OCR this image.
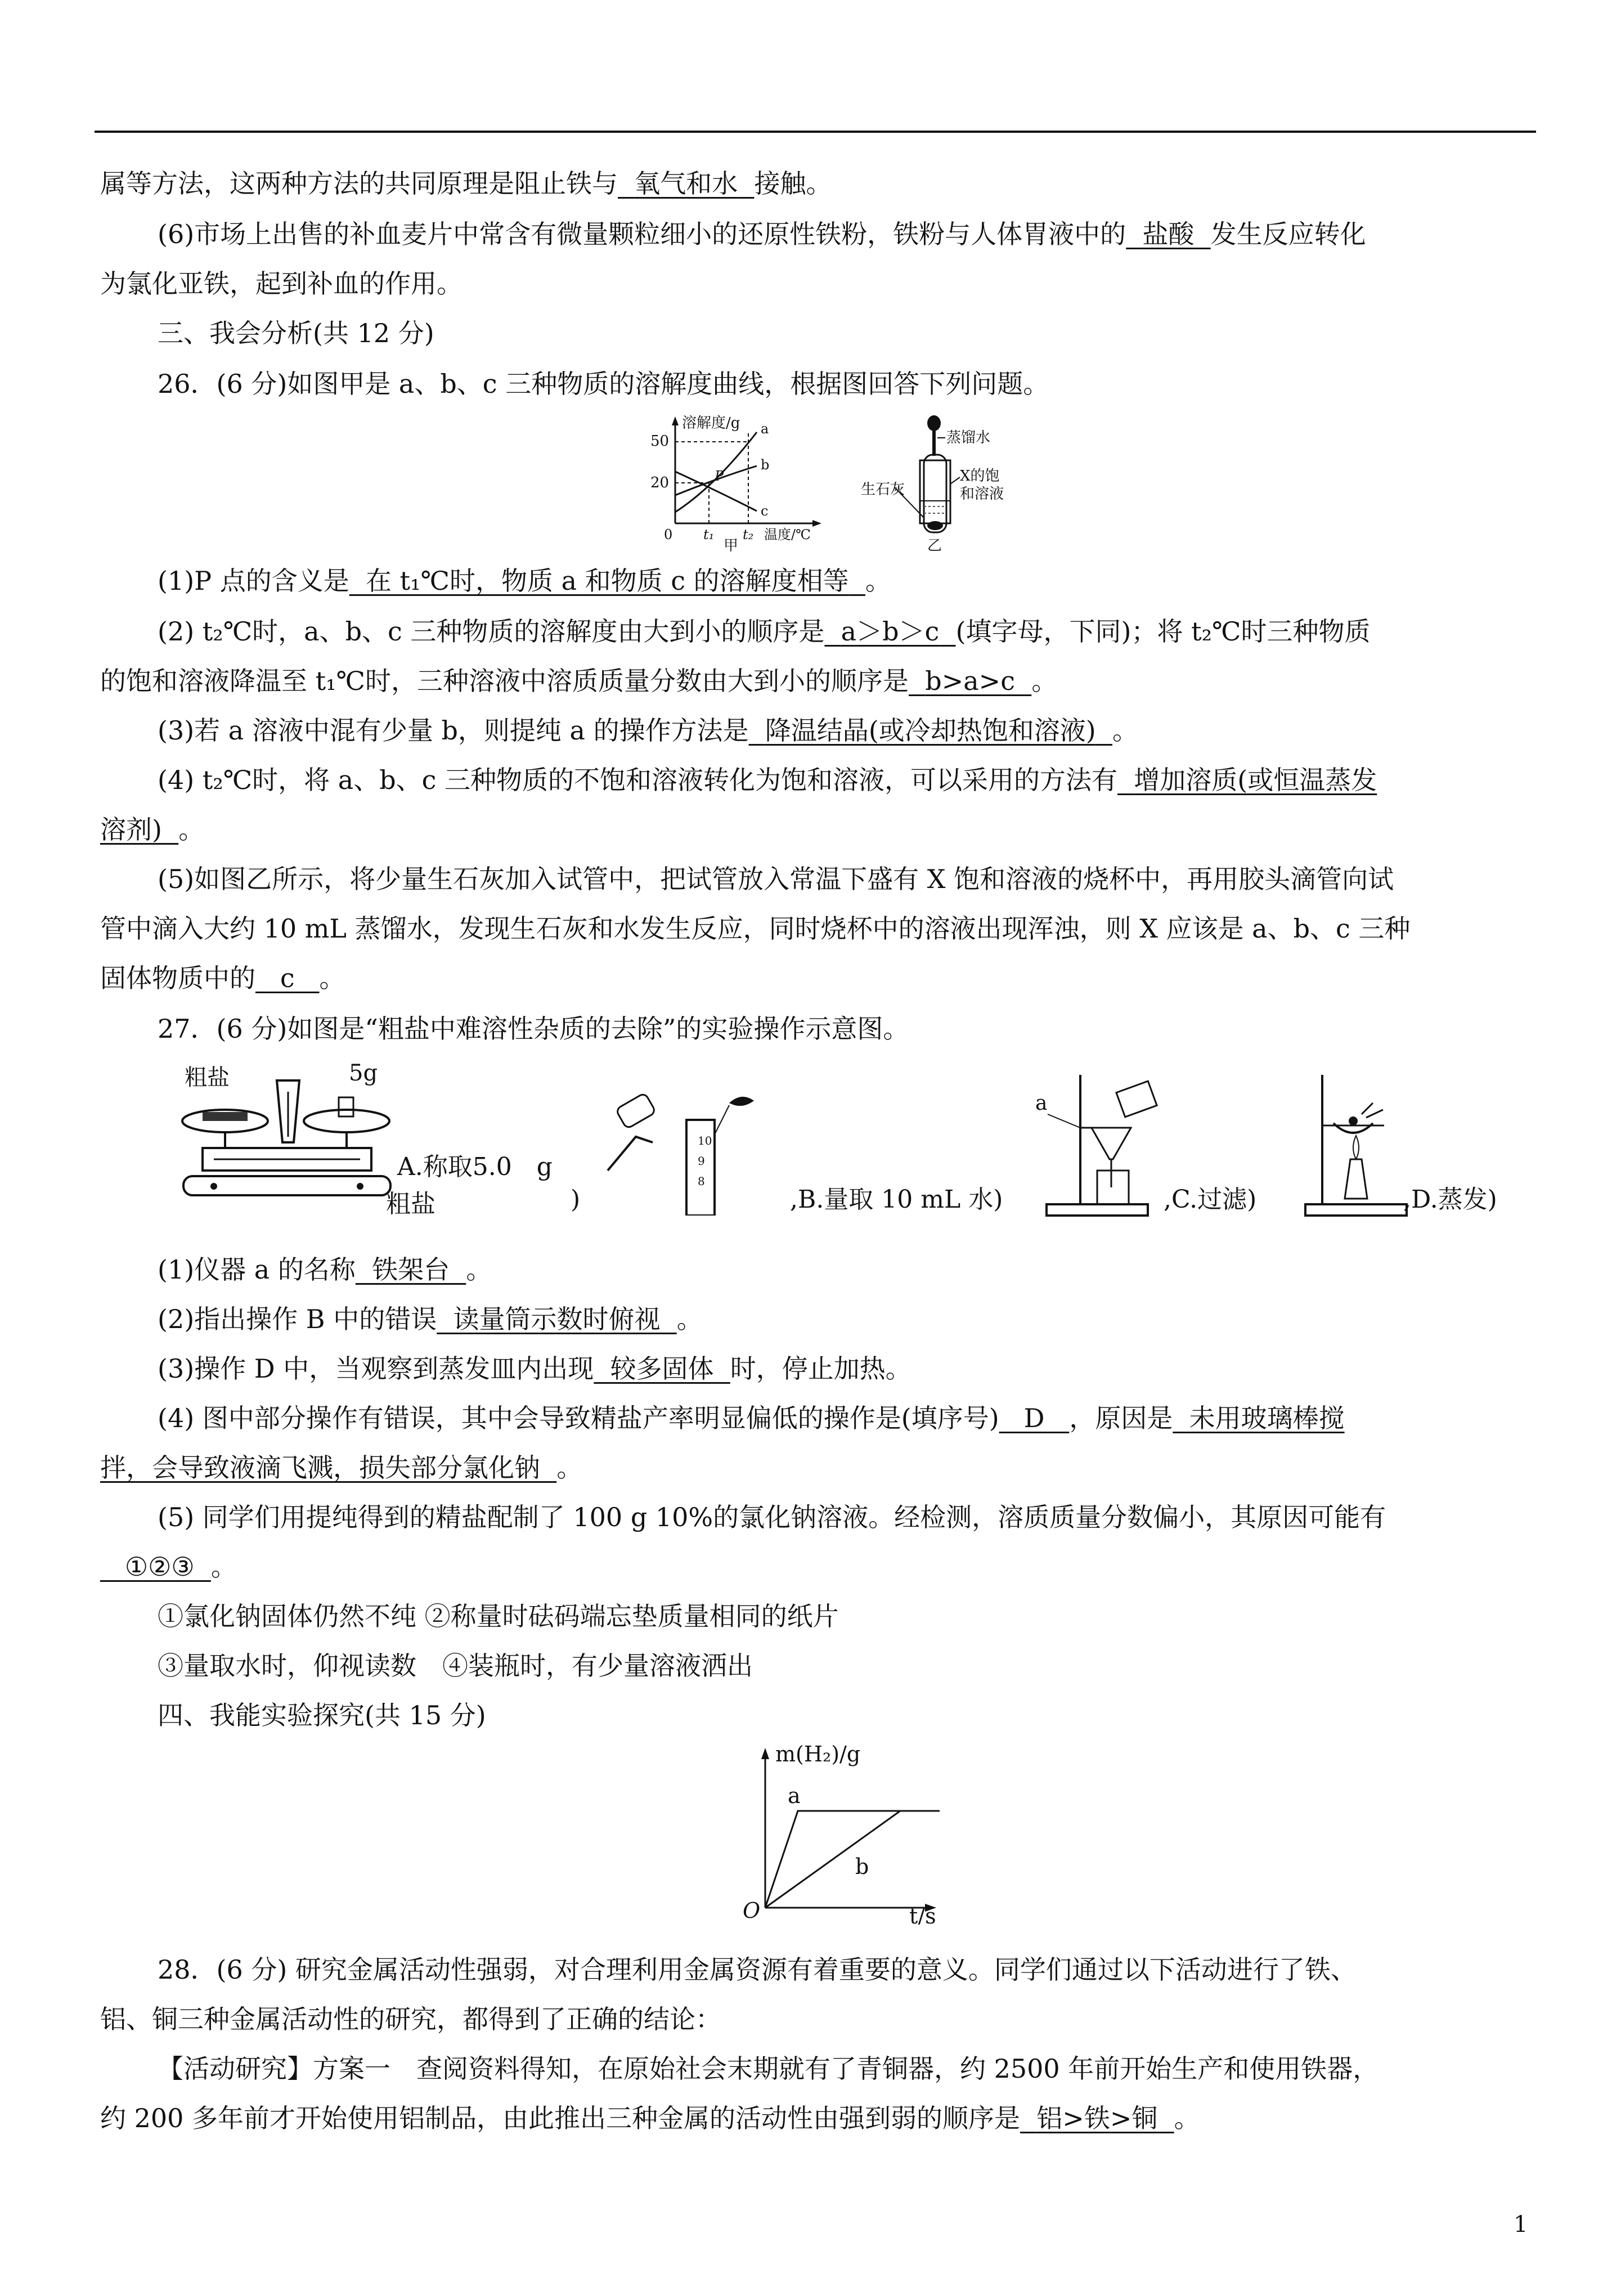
属等方法，这两种方法的共同原理是阻止铁与 氧气和水 接触。
(6)市场上出售的补血麦片中常含有微量颗粒细小的还原性铁粉，铁粉与人体胃液中的 盐酸 发生反应转化
为氯化亚铁，起到补血的作用。
三、我会分析(共 12 分)
26．(6 分)如图甲是 a、b、c 三种物质的溶解度曲线，根据图回答下列问题。
溶解度/g
50
20
0 t₁ t₂ 温度/℃
a
b
c
P
甲
蒸馏水
生石灰
X的饱
和溶液
乙
(1)P 点的含义是 在 t₁℃时，物质 a 和物质 c 的溶解度相等 。
(2) t₂℃时，a、b、c 三种物质的溶解度由大到小的顺序是 a＞b＞c (填字母，下同)；将 t₂℃时三种物质
的饱和溶液降温至 t₁℃时，三种溶液中溶质质量分数由大到小的顺序是 b>a>c 。
(3)若 a 溶液中混有少量 b，则提纯 a 的操作方法是 降温结晶(或冷却热饱和溶液) 。
(4) t₂℃时，将 a、b、c 三种物质的不饱和溶液转化为饱和溶液，可以采用的方法有 增加溶质(或恒温蒸发
溶剂) 。
(5)如图乙所示，将少量生石灰加入试管中，把试管放入常温下盛有 X 饱和溶液的烧杯中，再用胶头滴管向试
管中滴入大约 10 mL 蒸馏水，发现生石灰和水发生反应，同时烧杯中的溶液出现浑浊，则 X 应该是 a、b、c 三种
固体物质中的 c 。
27．(6 分)如图是“粗盐中难溶性杂质的去除”的实验操作示意图。
粗盐	5g
A.称取5.0　g
粗盐	)
10
9
8
,B.量取 10 mL 水)
a
,C.过滤)	,D.蒸发)
(1)仪器 a 的名称 铁架台 。
(2)指出操作 B 中的错误 读量筒示数时俯视 。
(3)操作 D 中，当观察到蒸发皿内出现 较多固体 时，停止加热。
(4) 图中部分操作有错误，其中会导致精盐产率明显偏低的操作是(填序号) D ，原因是 未用玻璃棒搅
拌，会导致液滴飞溅，损失部分氯化钠 。
(5) 同学们用提纯得到的精盐配制了 100 g 10%的氯化钠溶液。经检测，溶质质量分数偏小，其原因可能有
①②③ 。
①氯化钠固体仍然不纯 ②称量时砝码端忘垫质量相同的纸片
③量取水时，仰视读数　④装瓶时，有少量溶液洒出
四、我能实验探究(共 15 分)
m(H₂)/g
O	t/s
a
b
28．(6 分) 研究金属活动性强弱，对合理利用金属资源有着重要的意义。同学们通过以下活动进行了铁、
铝、铜三种金属活动性的研究，都得到了正确的结论：
【活动研究】方案一　查阅资料得知，在原始社会末期就有了青铜器，约 2500 年前开始生产和使用铁器，
约 200 多年前才开始使用铝制品，由此推出三种金属的活动性由强到弱的顺序是 铝>铁>铜 。
1
